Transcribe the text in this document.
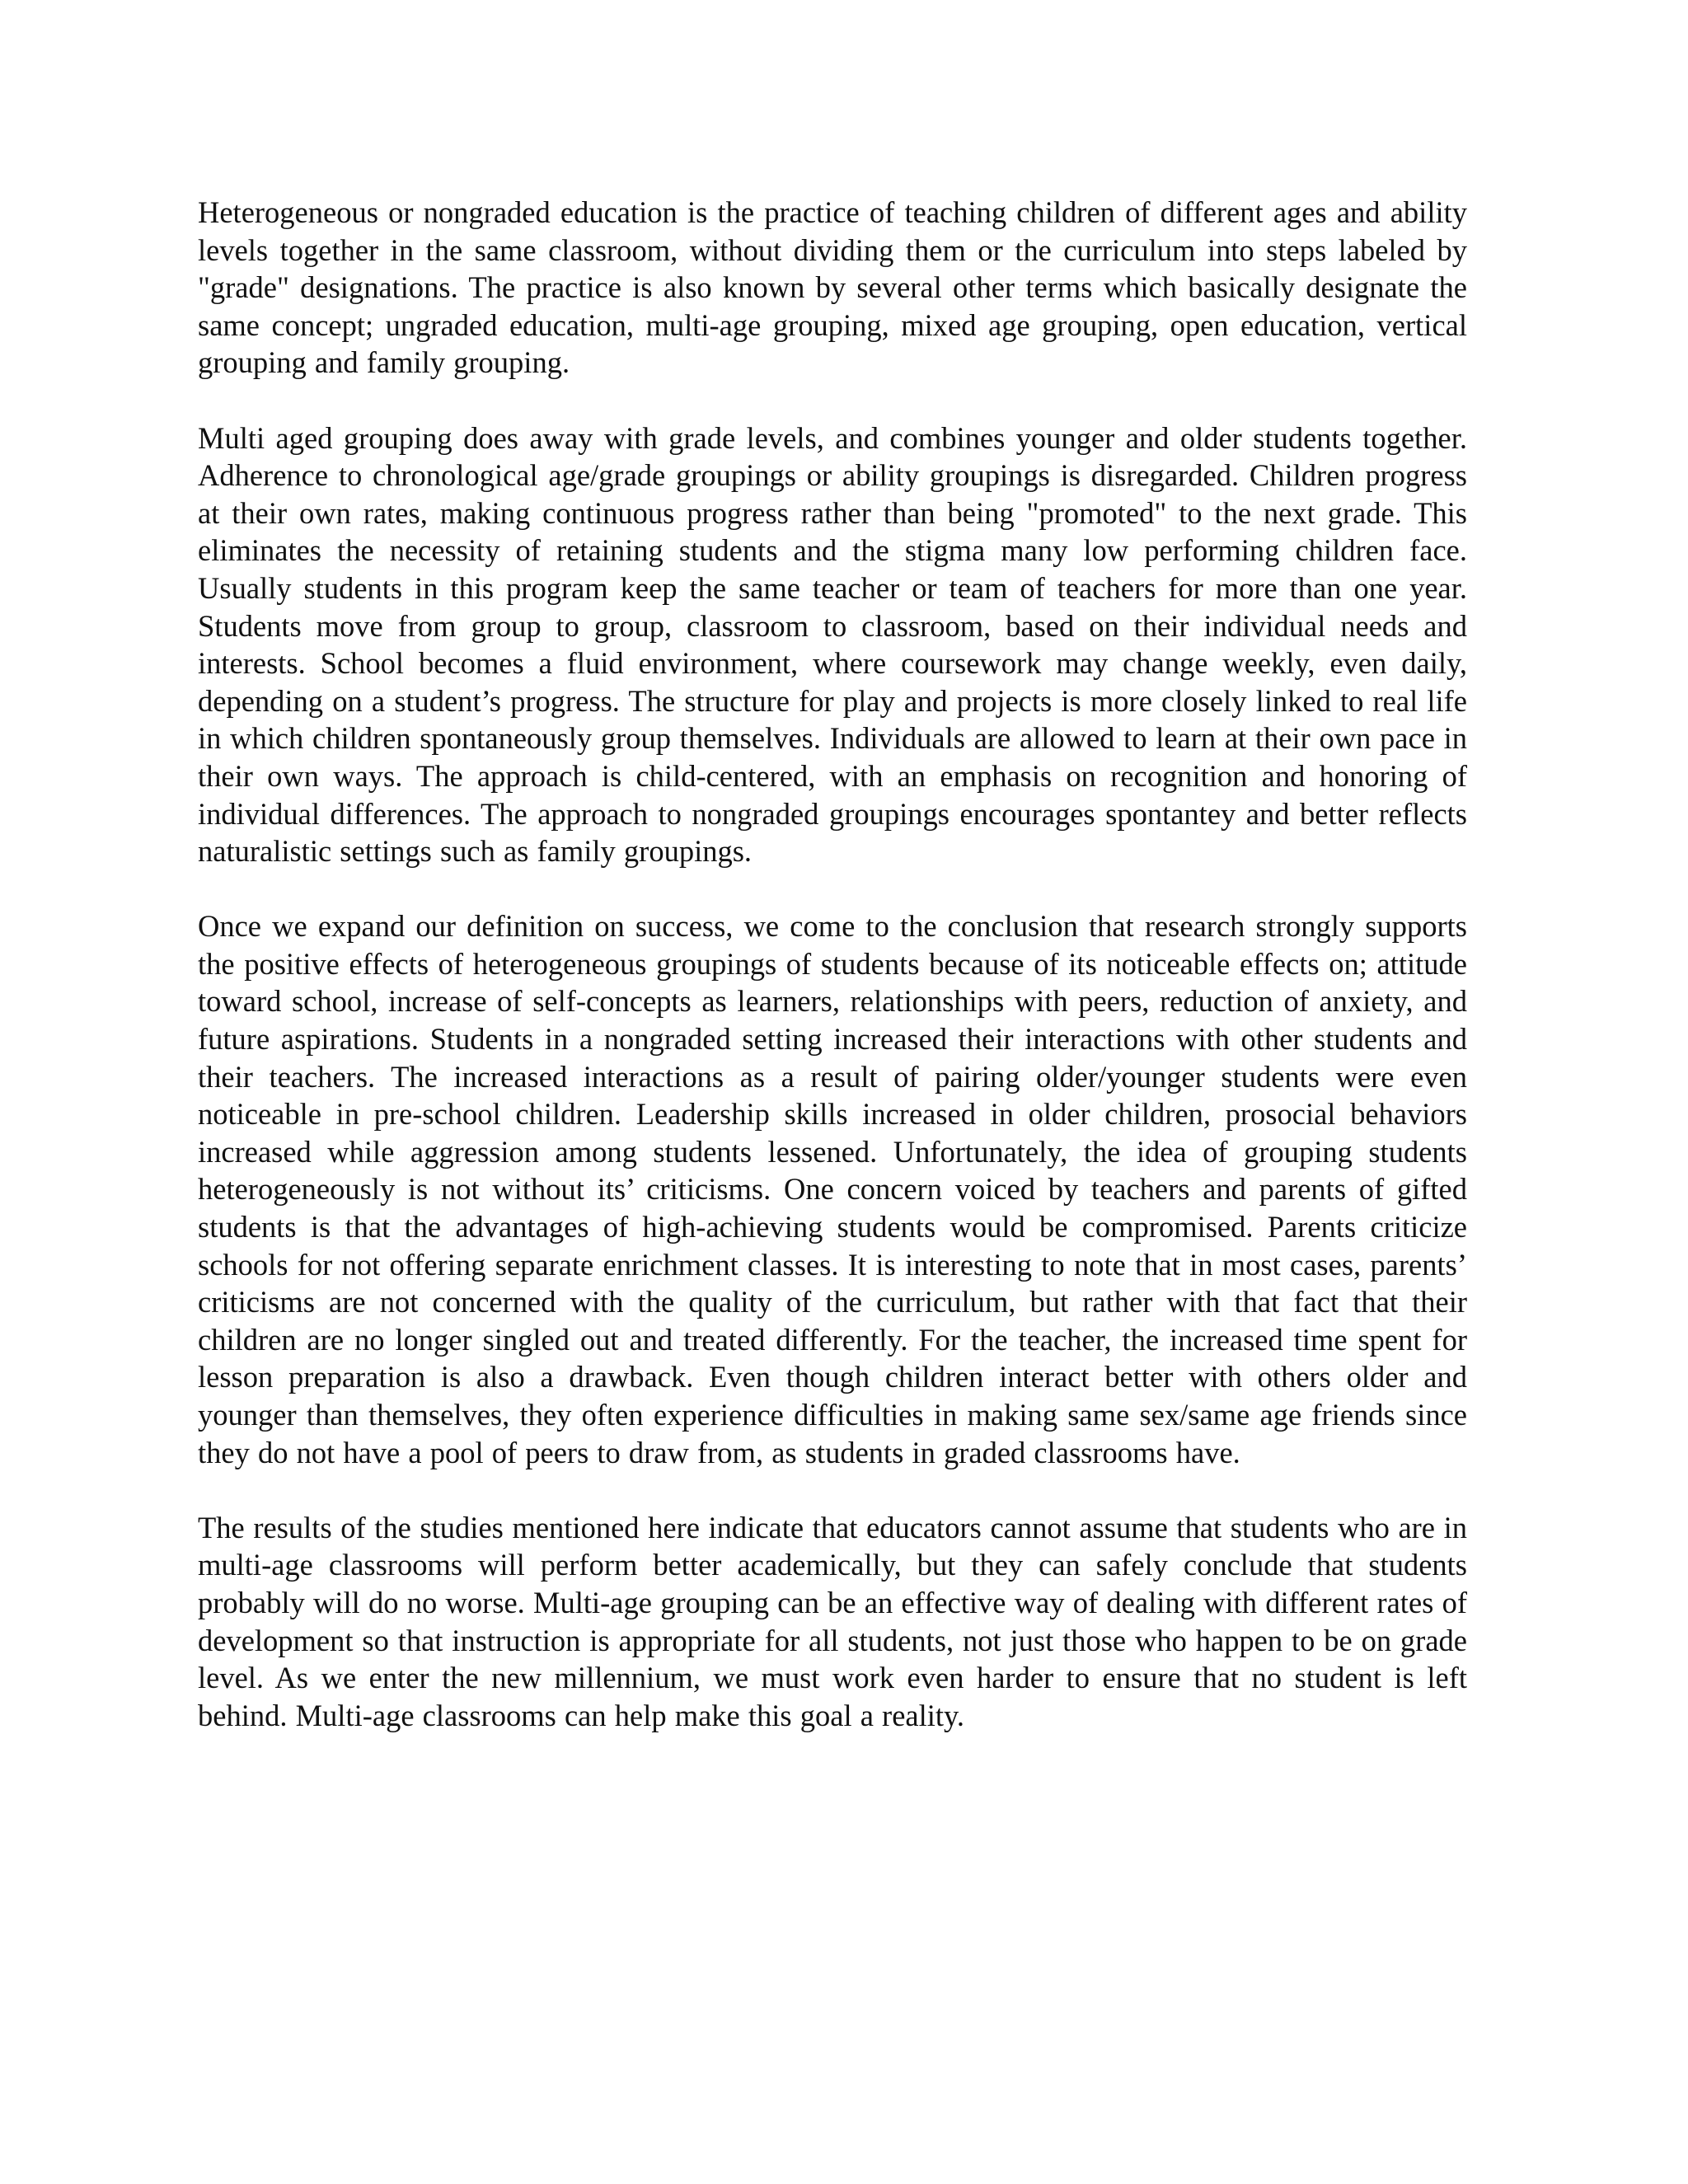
Heterogeneous or nongraded education is the practice of teaching children of different ages and ability levels together in the same classroom, without dividing them or the curriculum into steps labeled by "grade" designations. The practice is also known by several other terms which basically designate the same concept; ungraded education, multi-age grouping, mixed age grouping, open education, vertical grouping and family grouping.

Multi aged grouping does away with grade levels, and combines younger and older students together. Adherence to chronological age/grade groupings or ability groupings is disregarded. Children progress at their own rates, making continuous progress rather than being "promoted" to the next grade. This eliminates the necessity of retaining students and the stigma many low performing children face. Usually students in this program keep the same teacher or team of teachers for more than one year. Students move from group to group, classroom to classroom, based on their individual needs and interests. School becomes a fluid environment, where coursework may change weekly, even daily, depending on a student’s progress. The structure for play and projects is more closely linked to real life in which children spontaneously group themselves. Individuals are allowed to learn at their own pace in their own ways. The approach is child-centered, with an emphasis on recognition and honoring of individual differences. The approach to nongraded groupings encourages spontantey and better reflects naturalistic settings such as family groupings.

Once we expand our definition on success, we come to the conclusion that research strongly supports the positive effects of heterogeneous groupings of students because of its noticeable effects on; attitude toward school, increase of self-concepts as learners, relationships with peers, reduction of anxiety, and future aspirations. Students in a nongraded setting increased their interactions with other students and their teachers. The increased interactions as a result of pairing older/younger students were even noticeable in pre-school children. Leadership skills increased in older children, prosocial behaviors increased while aggression among students lessened. Unfortunately, the idea of grouping students heterogeneously is not without its’ criticisms. One concern voiced by teachers and parents of gifted students is that the advantages of high-achieving students would be compromised. Parents criticize schools for not offering separate enrichment classes. It is interesting to note that in most cases, parents’ criticisms are not concerned with the quality of the curriculum, but rather with that fact that their children are no longer singled out and treated differently. For the teacher, the increased time spent for lesson preparation is also a drawback. Even though children interact better with others older and younger than themselves, they often experience difficulties in making same sex/same age friends since they do not have a pool of peers to draw from, as students in graded classrooms have.

The results of the studies mentioned here indicate that educators cannot assume that students who are in multi-age classrooms will perform better academically, but they can safely conclude that students probably will do no worse. Multi-age grouping can be an effective way of dealing with different rates of development so that instruction is appropriate for all students, not just those who happen to be on grade level. As we enter the new millennium, we must work even harder to ensure that no student is left behind. Multi-age classrooms can help make this goal a reality.
